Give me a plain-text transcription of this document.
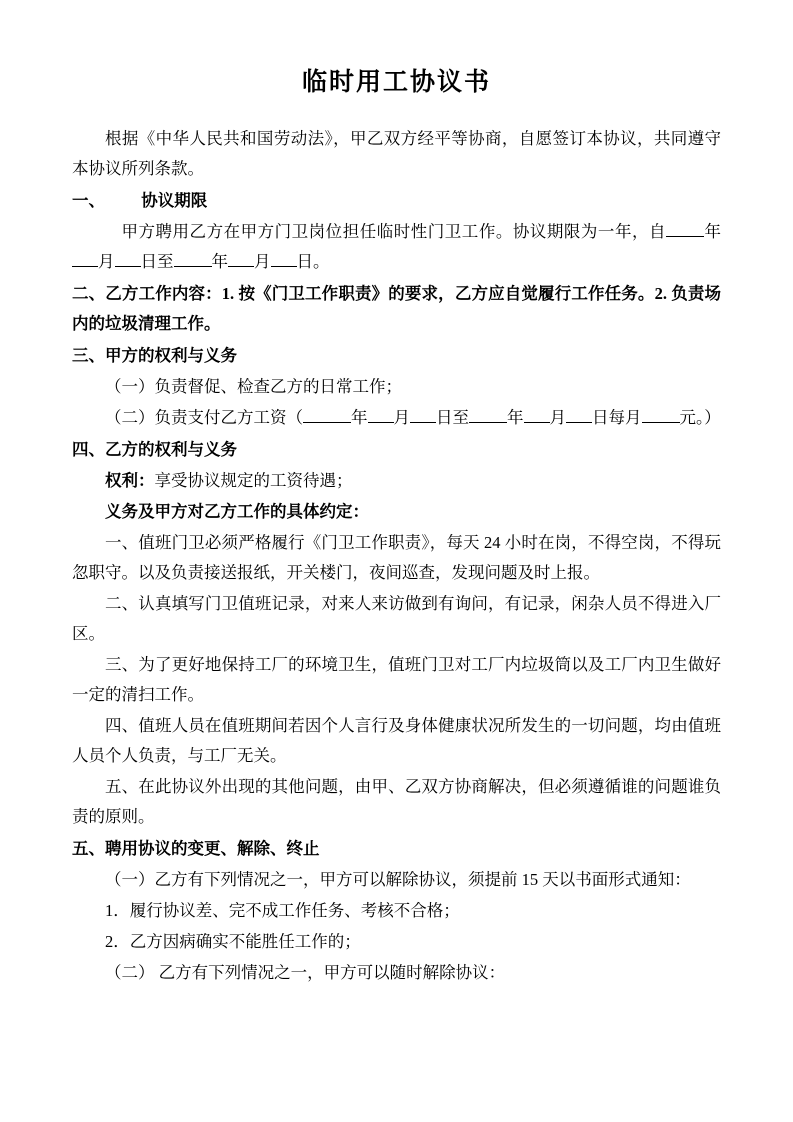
临时用工协议书

根据《中华人民共和国劳动法》，甲乙双方经平等协商，自愿签订本协议，共同遵守本协议所列条款。

一、 协议期限

甲方聘用乙方在甲方门卫岗位担任临时性门卫工作。协议期限为一年，自 年月 日至 年 月 日。

二、乙方工作内容：1. 按《门卫工作职责》的要求，乙方应自觉履行工作任务。2. 负责场内的垃圾清理工作。

三、甲方的权利与义务

（一）负责督促、检查乙方的日常工作；

（二）负责支付乙方工资（	年 月 日至 年 月 日每月 元。）

四、乙方的权利与义务

权利：享受协议规定的工资待遇；

义务及甲方对乙方工作的具体约定：

一、值班门卫必须严格履行《门卫工作职责》，每天 24 小时在岗，不得空岗，不得玩忽职守。以及负责接送报纸，开关楼门，夜间巡查，发现问题及时上报。

二、认真填写门卫值班记录，对来人来访做到有询问，有记录，闲杂人员不得进入厂区。

三、为了更好地保持工厂的环境卫生，值班门卫对工厂内垃圾筒以及工厂内卫生做好一定的清扫工作。

四、值班人员在值班期间若因个人言行及身体健康状况所发生的一切问题，均由值班人员个人负责，与工厂无关。

五、在此协议外出现的其他问题，由甲、乙双方协商解决，但必须遵循谁的问题谁负责的原则。

五、聘用协议的变更、解除、终止

（一）乙方有下列情况之一，甲方可以解除协议，须提前 15 天以书面形式通知：

1．履行协议差、完不成工作任务、考核不合格；

2．乙方因病确实不能胜任工作的；

（二） 乙方有下列情况之一，甲方可以随时解除协议：
